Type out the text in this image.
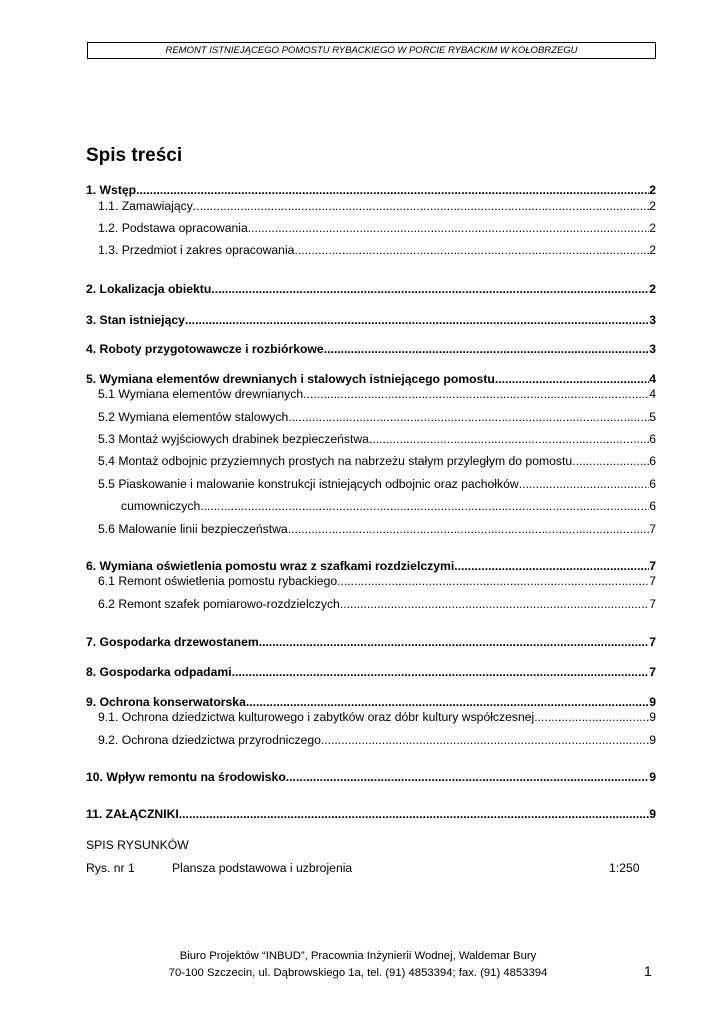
REMONT ISTNIEJĄCEGO POMOSTU RYBACKIEGO W PORCIE RYBACKIM W KOŁOBRZEGU
Spis treści
1. Wstęp .....	2
1.1. Zamawiający .....	2
1.2. Podstawa opracowania .....	2
1.3. Przedmiot i zakres opracowania .....	2
2. Lokalizacja obiektu. .....	2
3. Stan istniejący .....	3
4. Roboty przygotowawcze i rozbiórkowe .....	3
5. Wymiana elementów drewnianych i stalowych istniejącego pomostu. .....	4
5.1 Wymiana elementów drewnianych .....	4
5.2 Wymiana elementów stalowych .....	5
5.3 Montaż wyjściowych drabinek bezpieczeństwa .....	6
5.4 Montaż odbojnic przyziemnych prostych na nabrzeżu stałym przyległym do pomostu .....	6
5.5 Piaskowanie i malowanie konstrukcji istniejących odbojnic oraz pachołków .....	6
cumowniczych .....	6
5.6 Malowanie linii bezpieczeństwa .....	7
6. Wymiana oświetlenia pomostu wraz z szafkami rozdzielczymi .....	7
6.1 Remont oświetlenia pomostu rybackiego .....	7
6.2 Remont szafek pomiarowo-rozdzielczych .....	7
7. Gospodarka drzewostanem .....	7
8. Gospodarka odpadami .....	7
9. Ochrona konserwatorska .....	9
9.1. Ochrona dziedzictwa kulturowego i zabytków oraz dóbr kultury współczesnej .....	9
9.2. Ochrona dziedzictwa przyrodniczego .....	9
10. Wpływ remontu na środowisko .....	9
11. ZAŁĄCZNIKI .....	9
SPIS RYSUNKÓW
Rys. nr 1	Plansza podstawowa i uzbrojenia	1:250
Biuro Projektów “INBUD”, Pracownia Inżynierii Wodnej, Waldemar Bury
70-100 Szczecin, ul. Dąbrowskiego 1a, tel. (91) 4853394; fax. (91) 4853394	1
